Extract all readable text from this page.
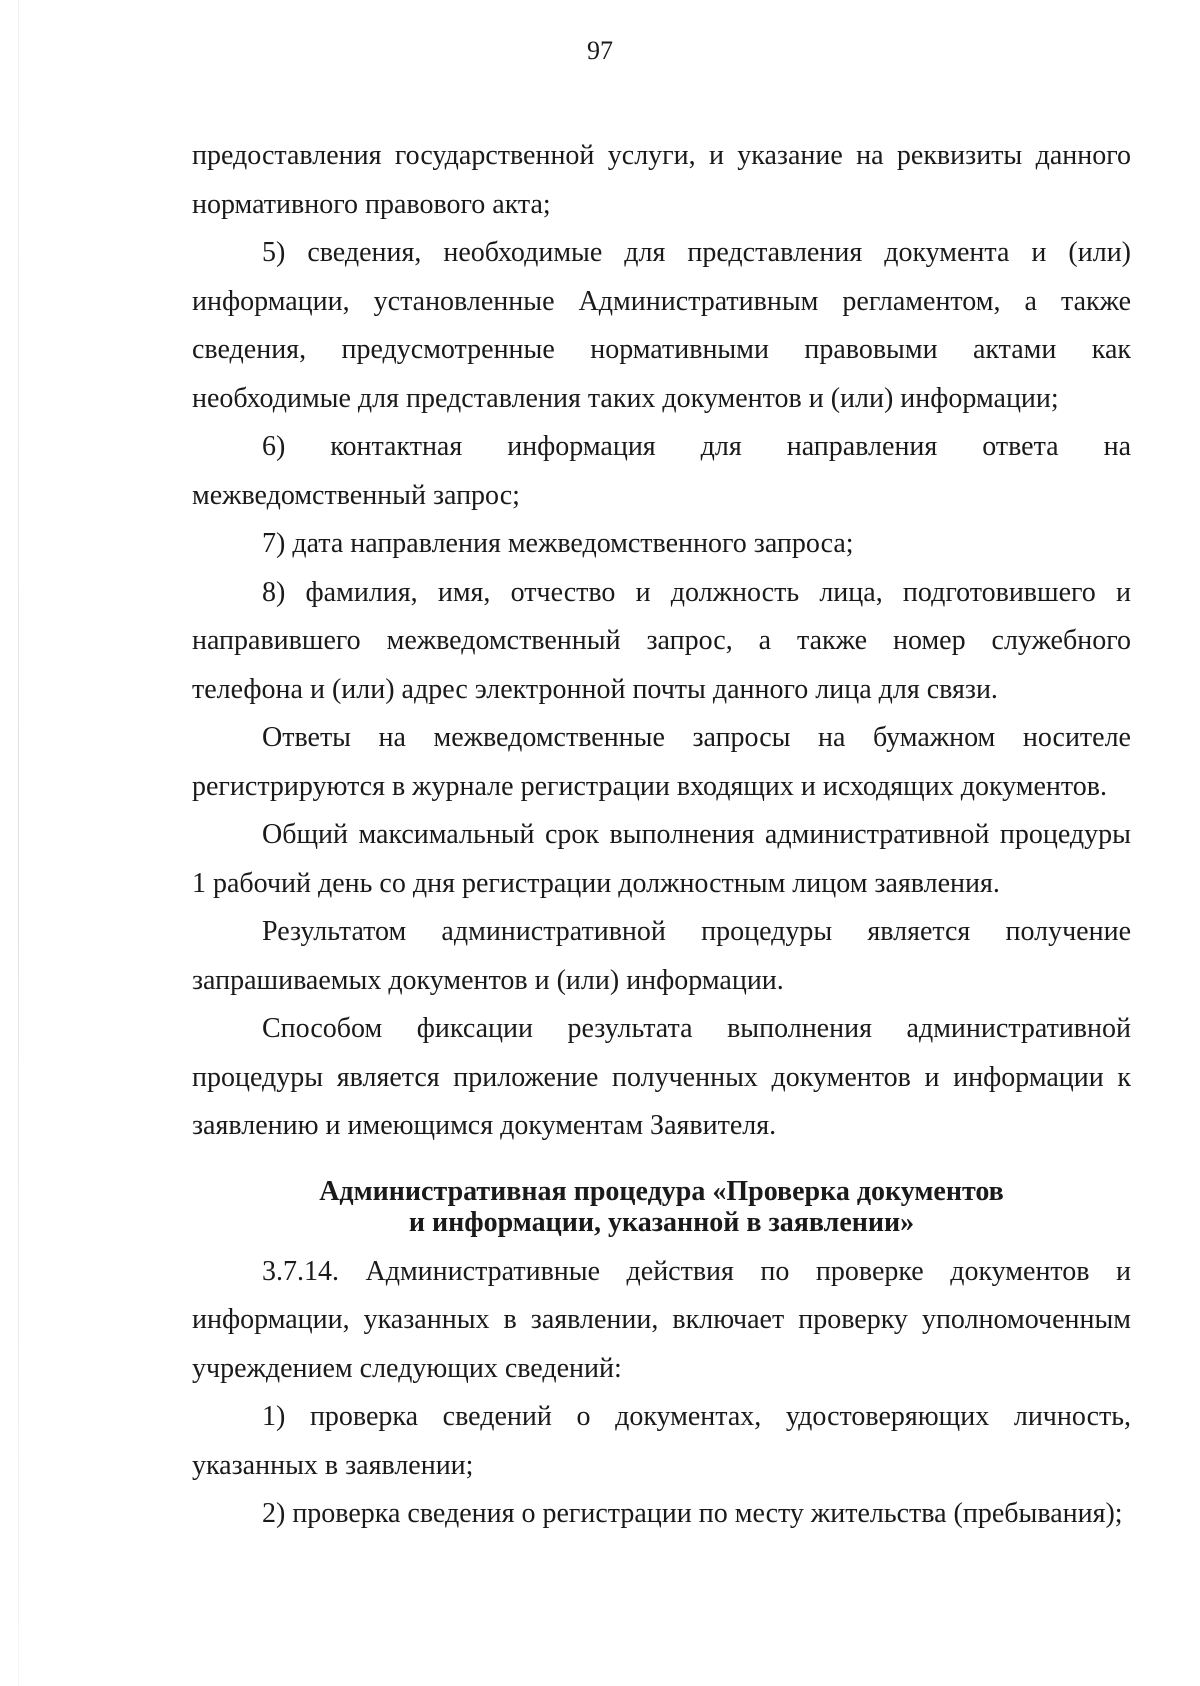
97

предоставления государственной услуги, и указание на реквизиты данного нормативного правового акта;

5) сведения, необходимые для представления документа и (или) информации, установленные Административным регламентом, а также сведения, предусмотренные нормативными правовыми актами как необходимые для представления таких документов и (или) информации;

6) контактная информация для направления ответа на межведомственный запрос;

7) дата направления межведомственного запроса;

8) фамилия, имя, отчество и должность лица, подготовившего и направившего межведомственный запрос, а также номер служебного телефона и (или) адрес электронной почты данного лица для связи.

Ответы на межведомственные запросы на бумажном носителе регистрируются в журнале регистрации входящих и исходящих документов.

Общий максимальный срок выполнения административной процедуры 1 рабочий день со дня регистрации должностным лицом заявления.

Результатом административной процедуры является получение запрашиваемых документов и (или) информации.

Способом фиксации результата выполнения административной процедуры является приложение полученных документов и информации к заявлению и имеющимся документам Заявителя.

Административная процедура «Проверка документов
и информации, указанной в заявлении»

3.7.14. Административные действия по проверке документов и информации, указанных в заявлении, включает проверку уполномоченным учреждением следующих сведений:

1) проверка сведений о документах, удостоверяющих личность, указанных в заявлении;

2) проверка сведения о регистрации по месту жительства (пребывания);
